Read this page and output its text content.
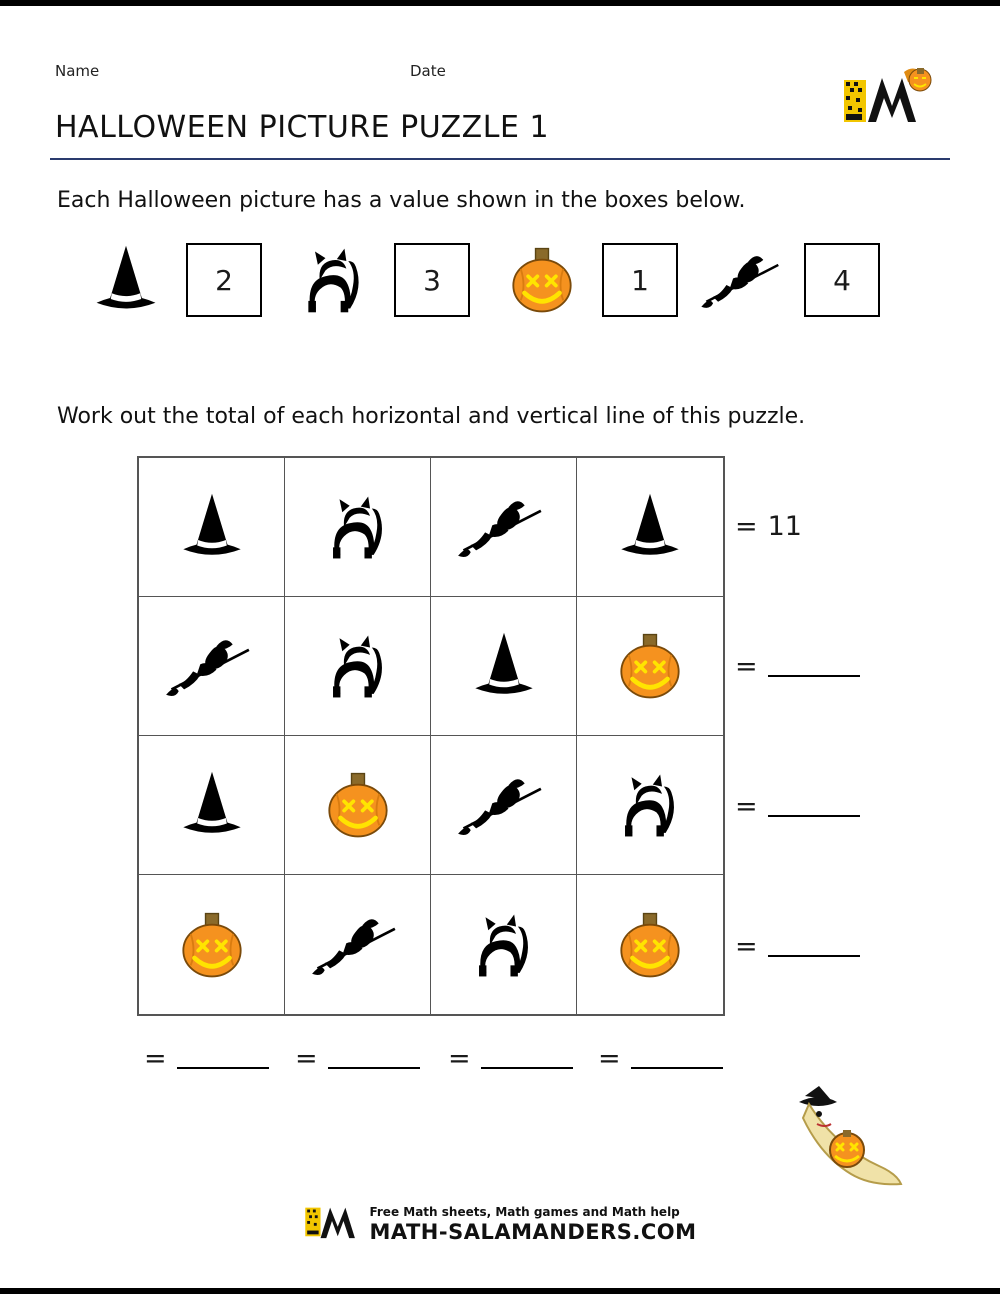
Name	Date
HALLOWEEN PICTURE PUZZLE 1
Each Halloween picture has a value shown in the boxes below.
2	3	1	4
Work out the total of each horizontal and vertical line of this puzzle.
= 11
=
=
=
=	=	=	=
Free Math sheets, Math games and Math help
MATH-SALAMANDERS.COM
